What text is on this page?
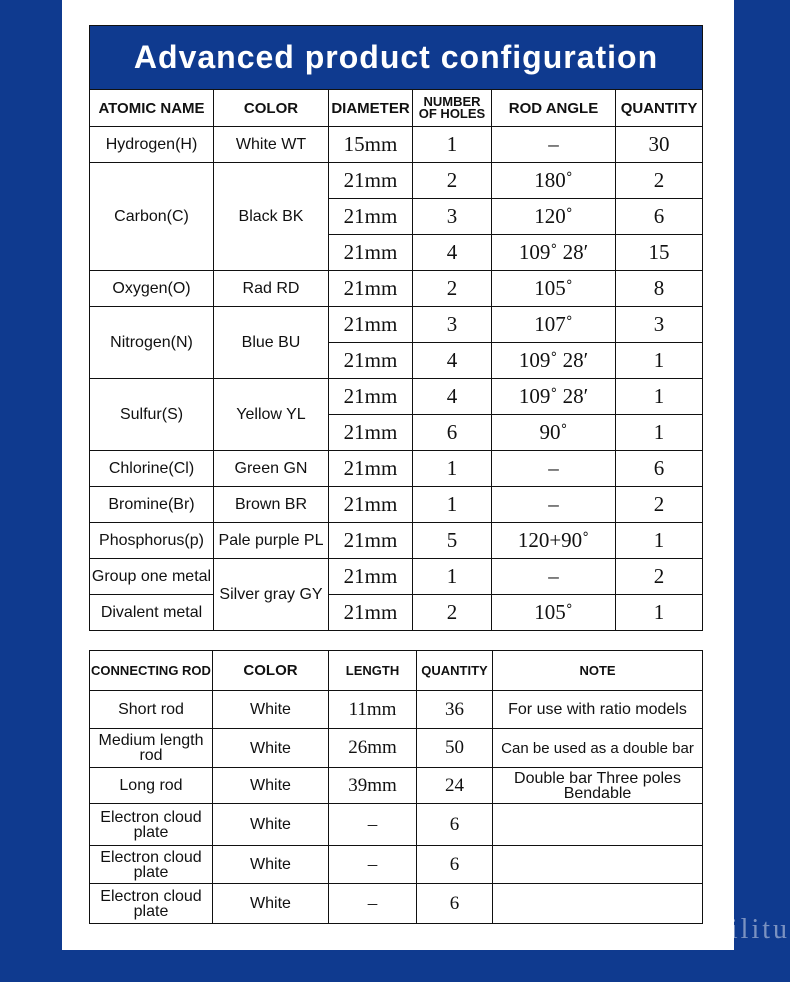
Advanced product configuration					
ATOMIC NAME	COLOR	DIAMETER	NUMBER OF HOLES	ROD ANGLE	QUANTITY
Hydrogen(H)	White WT	15mm	1	–	30
Carbon(C)	Black BK	21mm	2	180˚	2
		21mm	3	120˚	6
		21mm	4	109˚ 28′	15
Oxygen(O)	Rad RD	21mm	2	105˚	8
Nitrogen(N)	Blue BU	21mm	3	107˚	3
		21mm	4	109˚ 28′	1
Sulfur(S)	Yellow YL	21mm	4	109˚ 28′	1
		21mm	6	90˚	1
Chlorine(Cl)	Green GN	21mm	1	–	6
Bromine(Br)	Brown BR	21mm	1	–	2
Phosphorus(p)	Pale purple PL	21mm	5	120+90˚	1
Group one metal	Silver gray GY	21mm	1	–	2
Divalent metal		21mm	2	105˚	1
CONNECTING ROD	COLOR	LENGTH	QUANTITY	NOTE
Short rod	White	11mm	36	For use with ratio models
Medium length rod	White	26mm	50	Can be used as a double bar
Long rod	White	39mm	24	Double bar Three poles Bendable
Electron cloud plate	White	–	6	
Electron cloud plate	White	–	6	
Electron cloud plate	White	–	6	
zhilitu
